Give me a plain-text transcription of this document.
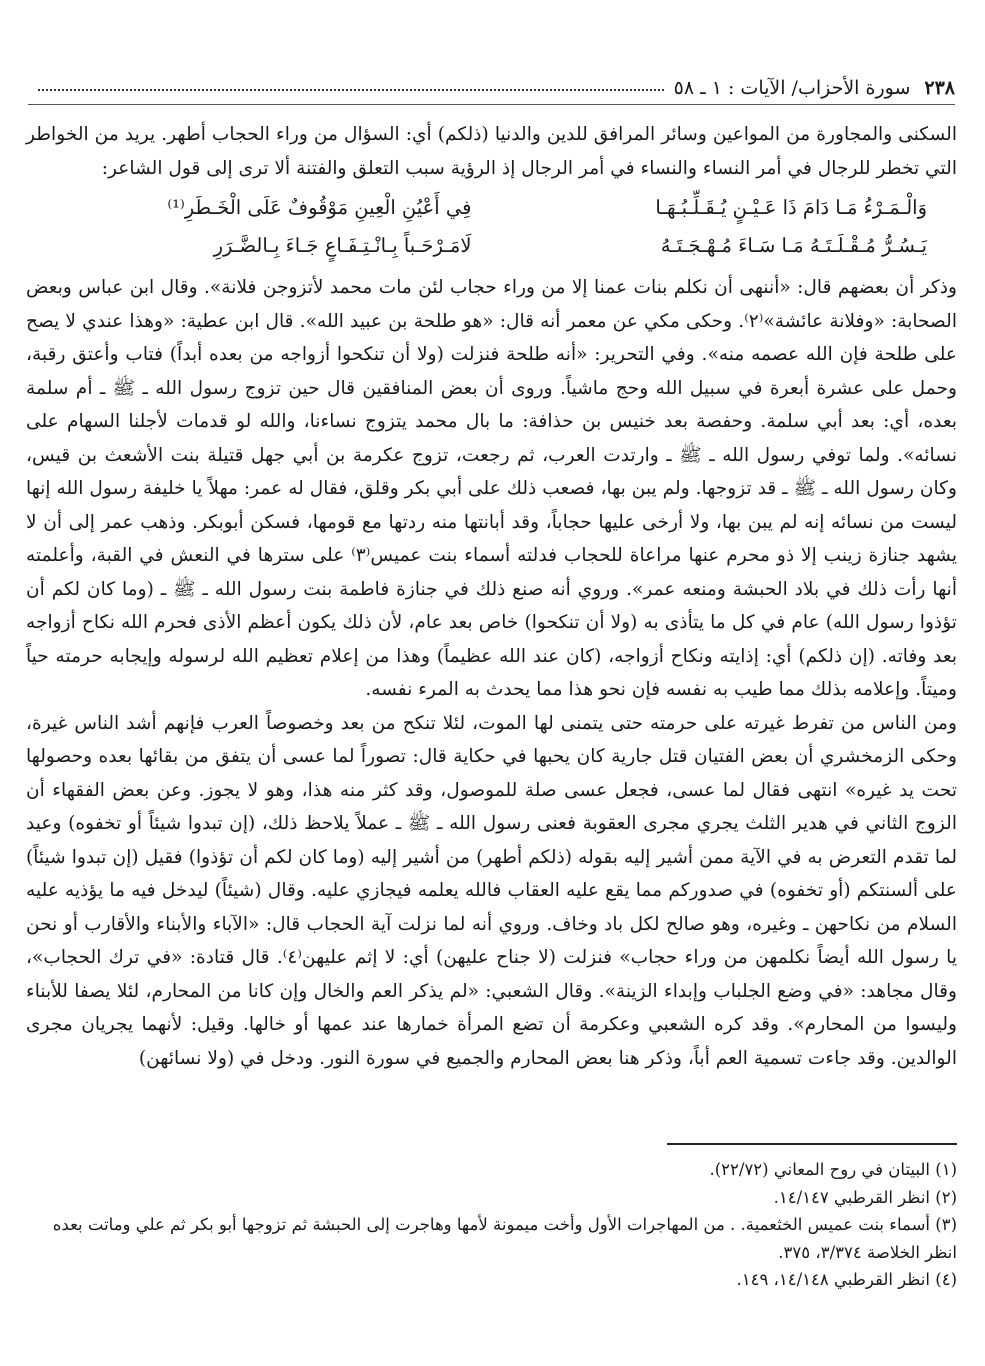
٢٣٨
سورة الأحزاب/ الآيات : ١ ـ ٥٨

السكنى والمجاورة من المواعين وسائر المرافق للدين والدنيا (ذلكم) أي: السؤال من وراء الحجاب أطهر. يريد من الخواطر التي تخطر للرجال في أمر النساء والنساء في أمر الرجال إذ الرؤية سبب التعلق والفتنة ألا ترى إلى قول الشاعر:

وَالْـمَـرْءُ مَـا دَامَ ذَا عَـيْـنٍ يُـقَـلِّـبُـهَـا
فِي أَعْيُنِ الْعِينِ مَوْقُوفٌ عَلَى الْخَـطَرِ⁽¹⁾
يَـسُـرُّ مُـقْـلَـتَـهُ مَـا سَـاءَ مُـهْـجَـتَـهُ
لَامَـرْحَـباً بِـانْـتِـفَـاعٍ جَـاءَ بِـالضَّـرَرِ

وذكر أن بعضهم قال: «أننهى أن نكلم بنات عمنا إلا من وراء حجاب لئن مات محمد لأتزوجن فلانة». وقال ابن عباس وبعض الصحابة: «وفلانة عائشة»⁽٢⁾. وحكى مكي عن معمر أنه قال: «هو طلحة بن عبيد الله». قال ابن عطية: «وهذا عندي لا يصح على طلحة فإن الله عصمه منه». وفي التحرير: «أنه طلحة فنزلت (ولا أن تنكحوا أزواجه من بعده أبداً) فتاب وأعتق رقبة، وحمل على عشرة أبعرة في سبيل الله وحج ماشياً. وروى أن بعض المنافقين قال حين تزوج رسول الله ـ ﷺ ـ أم سلمة بعده، أي: بعد أبي سلمة. وحفصة بعد خنيس بن حذافة: ما بال محمد يتزوج نساءنا، والله لو قدمات لأجلنا السهام على نسائه». ولما توفي رسول الله ـ ﷺ ـ وارتدت العرب، ثم رجعت، تزوج عكرمة بن أبي جهل قتيلة بنت الأشعث بن قيس، وكان رسول الله ـ ﷺ ـ قد تزوجها. ولم يبن بها، فصعب ذلك على أبي بكر وقلق، فقال له عمر: مهلاً يا خليفة رسول الله إنها ليست من نسائه إنه لم يبن بها، ولا أرخى عليها حجاباً، وقد أبانتها منه ردتها مع قومها، فسكن أبوبكر. وذهب عمر إلى أن لا يشهد جنازة زينب إلا ذو محرم عنها مراعاة للحجاب فدلته أسماء بنت عميس⁽٣⁾ على سترها في النعش في القبة، وأعلمته أنها رأت ذلك في بلاد الحبشة ومنعه عمر». وروي أنه صنع ذلك في جنازة فاطمة بنت رسول الله ـ ﷺ ـ (وما كان لكم أن تؤذوا رسول الله) عام في كل ما يتأذى به (ولا أن تنكحوا) خاص بعد عام، لأن ذلك يكون أعظم الأذى فحرم الله نكاح أزواجه بعد وفاته. (إن ذلكم) أي: إذايته ونكاح أزواجه، (كان عند الله عظيماً) وهذا من إعلام تعظيم الله لرسوله وإيجابه حرمته حياً وميتاً. وإعلامه بذلك مما طيب به نفسه فإن نحو هذا مما يحدث به المرء نفسه.

ومن الناس من تفرط غيرته على حرمته حتى يتمنى لها الموت، لئلا تنكح من بعد وخصوصاً العرب فإنهم أشد الناس غيرة، وحكى الزمخشري أن بعض الفتيان قتل جارية كان يحبها في حكاية قال: تصوراً لما عسى أن يتفق من بقائها بعده وحصولها تحت يد غيره» انتهى فقال لما عسى، فجعل عسى صلة للموصول، وقد كثر منه هذا، وهو لا يجوز. وعن بعض الفقهاء أن الزوج الثاني في هدير الثلث يجري مجرى العقوبة فعنى رسول الله ـ ﷺ ـ عملاً يلاحظ ذلك، (إن تبدوا شيئاً أو تخفوه) وعيد لما تقدم التعرض به في الآية ممن أشير إليه بقوله (ذلكم أطهر) من أشير إليه (وما كان لكم أن تؤذوا) فقيل (إن تبدوا شيئاً) على ألسنتكم (أو تخفوه) في صدوركم مما يقع عليه العقاب فالله يعلمه فيجازي عليه. وقال (شيئاً) ليدخل فيه ما يؤذيه عليه السلام من نكاحهن ـ وغيره، وهو صالح لكل باد وخاف. وروي أنه لما نزلت آية الحجاب قال: «الآباء والأبناء والأقارب أو نحن يا رسول الله أيضاً نكلمهن من وراء حجاب» فنزلت (لا جناح عليهن) أي: لا إثم عليهن⁽٤⁾. قال قتادة: «في ترك الحجاب»، وقال مجاهد: «في وضع الجلباب وإبداء الزينة». وقال الشعبي: «لم يذكر العم والخال وإن كانا من المحارم، لئلا يصفا للأبناء وليسوا من المحارم». وقد كره الشعبي وعكرمة أن تضع المرأة خمارها عند عمها أو خالها. وقيل: لأنهما يجريان مجرى الوالدين. وقد جاءت تسمية العم أباً، وذكر هنا بعض المحارم والجميع في سورة النور. ودخل في (ولا نسائهن)

(١) البيتان في روح المعاني (٢٢/٧٢).
(٢) انظر القرطبي ١٤/١٤٧.
(٣) أسماء بنت عميس الخثعمية. . من المهاجرات الأول وأخت ميمونة لأمها وهاجرت إلى الحبشة ثم تزوجها أبو بكر ثم علي وماتت بعده انظر الخلاصة ٣/٣٧٤، ٣٧٥.
(٤) انظر القرطبي ١٤/١٤٨، ١٤٩.
